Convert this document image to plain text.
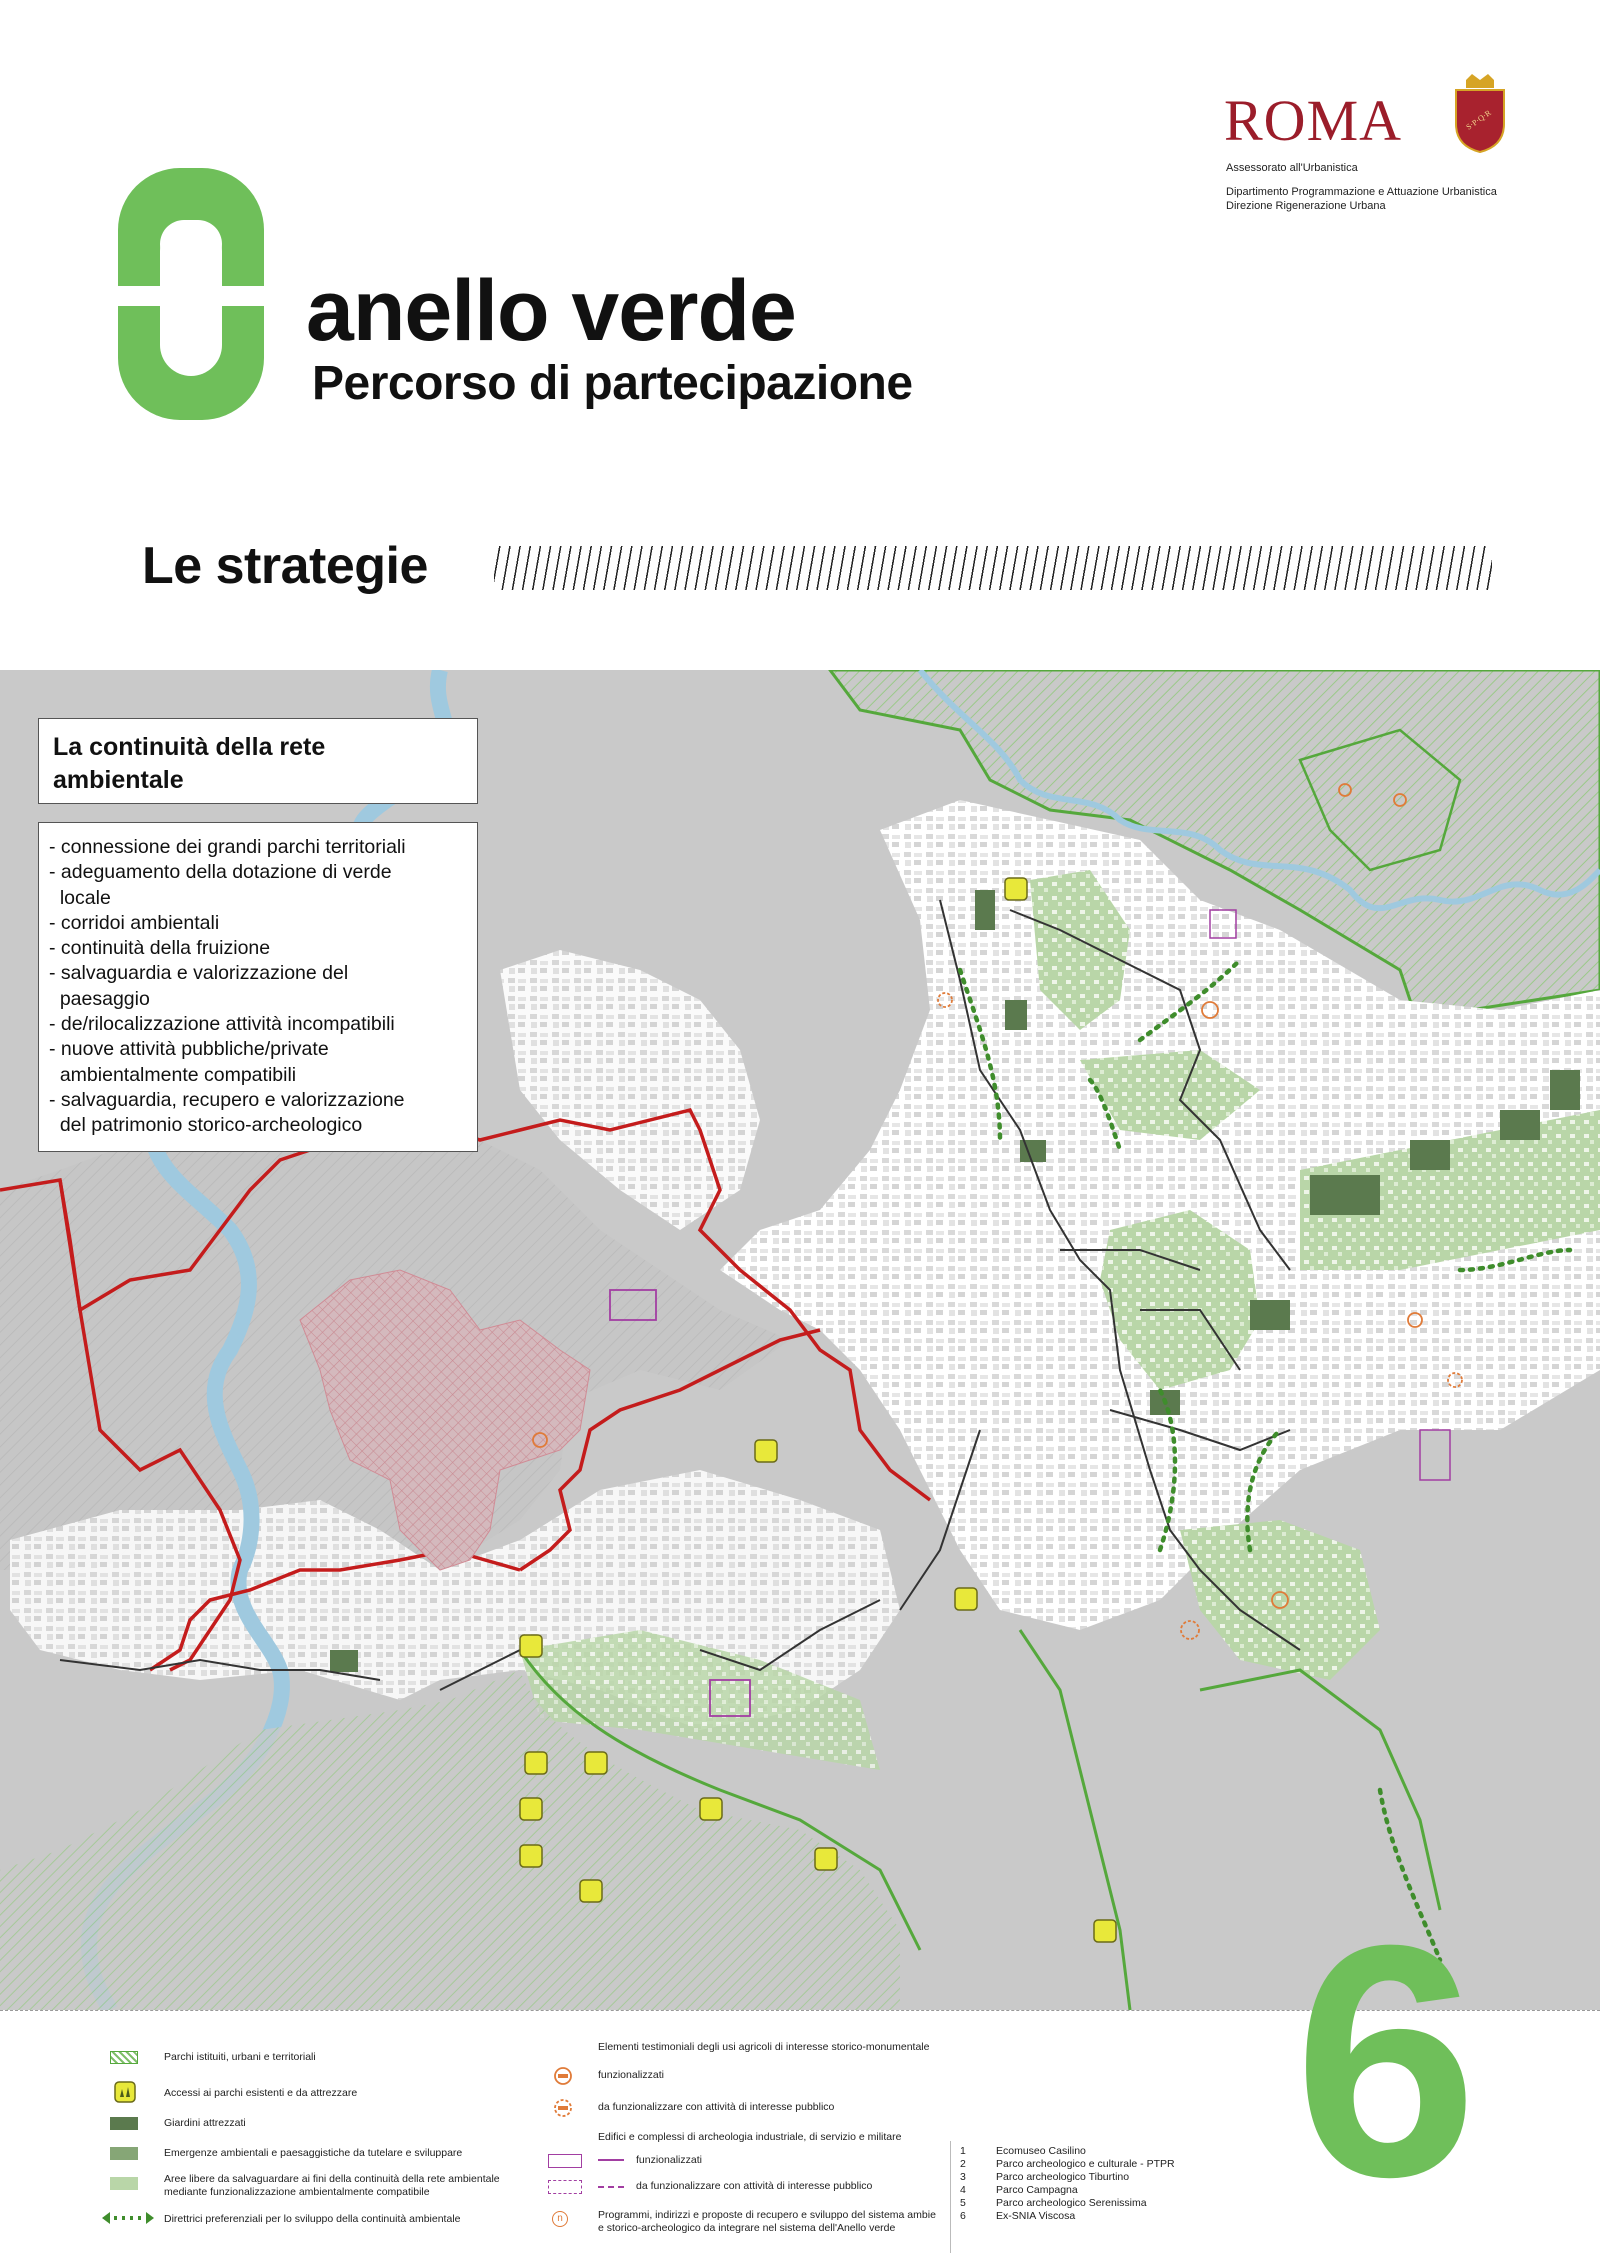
anello verde
Percorso di partecipazione
ROMA	S·P·Q·R
Assessorato all'Urbanistica
Dipartimento Programmazione e Attuazione Urbanistica
Direzione Rigenerazione Urbana
Le strategie
La continuità della rete
ambientale
- connessione dei grandi parchi territoriali
- adeguamento della dotazione di verde
locale
- corridoi ambientali
- continuità della fruizione
- salvaguardia e valorizzazione del
paesaggio
- de/rilocalizzazione attività incompatibili
- nuove attività pubbliche/private
ambientalmente compatibili
- salvaguardia, recupero e valorizzazione
del patrimonio storico-archeologico
Parchi istituiti, urbani e territoriali
Accessi ai parchi esistenti e da attrezzare
Giardini attrezzati
Emergenze ambientali e paesaggistiche da tutelare e sviluppare
Aree libere da salvaguardare ai fini della continuità della rete ambientale
mediante funzionalizzazione ambientalmente compatibile
Direttrici preferenziali per lo sviluppo della continuità ambientale
Elementi testimoniali degli usi agricoli di interesse storico-monumentale
funzionalizzati
da funzionalizzare con attività di interesse pubblico
Edifici e complessi di archeologia industriale, di servizio e militare
funzionalizzati
da funzionalizzare con attività di interesse pubblico
n	Programmi, indirizzi e proposte di recupero e sviluppo del sistema ambie
e storico-archeologico da integrare nel sistema dell'Anello verde
1	Ecomuseo Casilino
2	Parco archeologico e culturale - PTPR
3	Parco archeologico Tiburtino
4	Parco Campagna
5	Parco archeologico Serenissima
6	Ex-SNIA Viscosa 6
